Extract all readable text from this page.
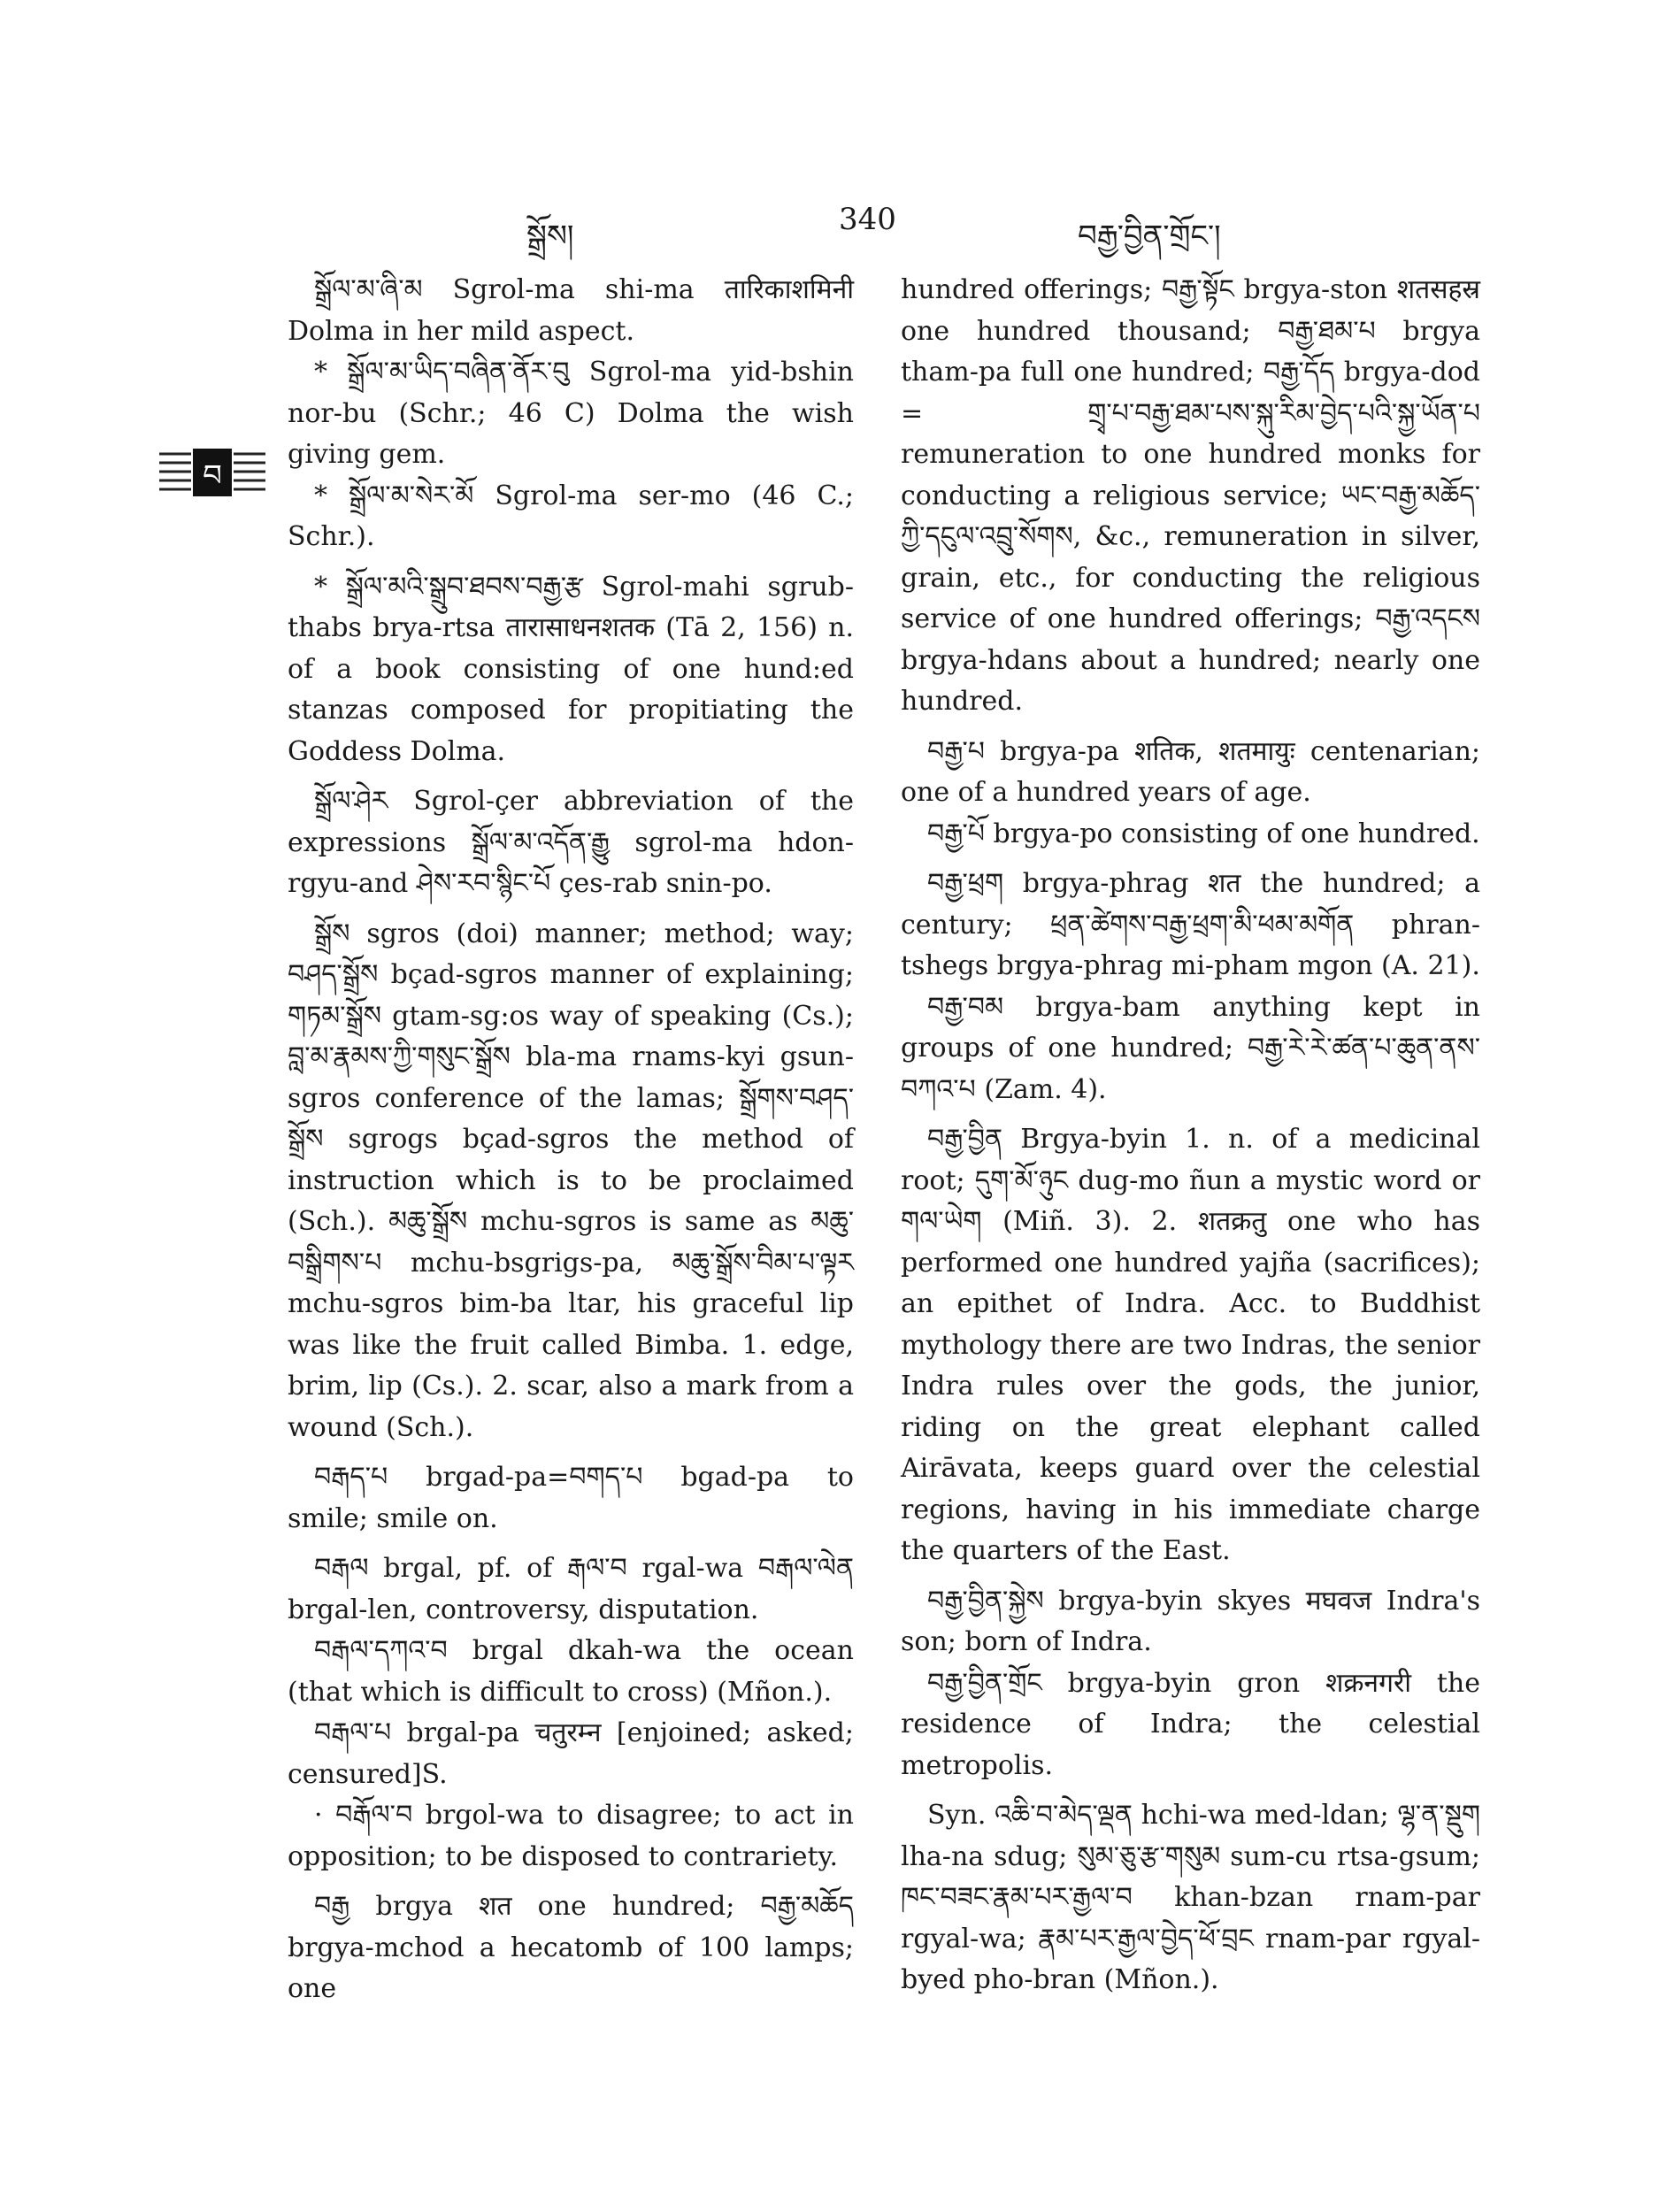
སྒྲོས།	340	བརྒྱ་བྱིན་གྲོང་།
བ

སྒྲོལ་མ་ཞི་མ Sgrol-ma shi-ma तारिकाशमिनी Dolma in her mild aspect.

* སྒྲོལ་མ་ཡིད་བཞིན་ནོར་བུ Sgrol-ma yid-bshin nor-bu (Schr.; 46 C) Dolma the wish giving gem.

* སྒྲོལ་མ་སེར་མོ Sgrol-ma ser-mo (46 C.; Schr.).

* སྒྲོལ་མའི་སྒྲུབ་ཐབས་བརྒྱ་རྩ Sgrol-mahi sgrub-thabs brya-rtsa तारासाधनशतक (Tā 2, 156) n. of a book consisting of one hund:ed stanzas composed for propitiating the Goddess Dolma.

སྒྲོལ་ཤེར Sgrol-çer abbreviation of the expressions སྒྲོལ་མ་འདོན་རྒྱུ sgrol-ma hdon-rgyu-and ཤེས་རབ་སྙིང་པོ çes-rab snin-po.

སྒྲོས sgros (doi) manner; method; way; བཤད་སྒྲོས bçad-sgros manner of explaining; གཏམ་སྒྲོས gtam-sg:os way of speaking (Cs.); བླ་མ་རྣམས་ཀྱི་གསུང་སྒྲོས bla-ma rnams-kyi gsun-sgros conference of the lamas; སྒྲོགས་བཤད་སྒྲོས sgrogs bçad-sgros the method of instruction which is to be proclaimed (Sch.). མཆུ་སྒྲོས mchu-sgros is same as མཆུ་བསྒྲིགས་པ mchu-bsgrigs-pa, མཆུ་སྒྲོས་བིམ་པ་ལྟར mchu-sgros bim-ba ltar, his graceful lip was like the fruit called Bimba. 1. edge, brim, lip (Cs.). 2. scar, also a mark from a wound (Sch.).

བརྒད་པ brgad-pa=བགད་པ bgad-pa to smile; smile on.

བརྒལ brgal, pf. of རྒལ་བ rgal-wa བརྒལ་ལེན brgal-len, controversy, disputation.

བརྒལ་དཀའ་བ brgal dkah-wa the ocean (that which is difficult to cross) (Mñon.).

བརྒལ་པ brgal-pa चतुरम्न [enjoined; asked; censured]S.

· བརྒོལ་བ brgol-wa to disagree; to act in opposition; to be disposed to contrariety.

བརྒྱ brgya शत one hundred; བརྒྱ་མཆོད brgya-mchod a hecatomb of 100 lamps; one

hundred offerings; བརྒྱ་སྟོང brgya-ston शतसहस्र one hundred thousand; བརྒྱ་ཐམ་པ brgya tham-pa full one hundred; བརྒྱ་དོད brgya-dod = གྲྭ་པ་བརྒྱ་ཐམ་པས་སྐུ་རིམ་བྱེད་པའི་སྐྱ་ཡོན་པ remuneration to one hundred monks for conducting a religious service; ཡང་བརྒྱ་མཆོད་ཀྱི་དངུལ་འབྲུ་སོགས, &c., remuneration in silver, grain, etc., for conducting the religious service of one hundred offerings; བརྒྱ་འདངས brgya-hdans about a hundred; nearly one hundred.

བརྒྱ་པ brgya-pa शतिक, शतमायुः centenarian; one of a hundred years of age.

བརྒྱ་པོ brgya-po consisting of one hundred.

བརྒྱ་ཕྲག brgya-phrag शत the hundred; a century; ཕྲན་ཚེགས་བརྒྱ་ཕྲག་མི་ཕམ་མགོན phran-tshegs brgya-phrag mi-pham mgon (A. 21).

བརྒྱ་བམ brgya-bam anything kept in groups of one hundred; བརྒྱ་རེ་རེ་ཚན་པ་ཆུན་ནས་བཀའ་པ (Zam. 4).

བརྒྱ་བྱིན Brgya-byin 1. n. of a medicinal root; དུག་མོ་ཉུང dug-mo ñun a mystic word or གལ་ཡེག (Miñ. 3). 2. शतक्रतु one who has performed one hundred yajña (sacrifices); an epithet of Indra. Acc. to Buddhist mythology there are two Indras, the senior Indra rules over the gods, the junior, riding on the great elephant called Airāvata, keeps guard over the celestial regions, having in his immediate charge the quarters of the East.

བརྒྱ་བྱིན་སྐྱེས brgya-byin skyes मघवज Indra's son; born of Indra.

བརྒྱ་བྱིན་གྲོང brgya-byin gron शक्रनगरी the residence of Indra; the celestial metropolis.

Syn. འཆི་བ་མེད་ལྡན hchi-wa med-ldan; ལྷ་ན་སྡུག lha-na sdug; སུམ་ཅུ་རྩ་གསུམ sum-cu rtsa-gsum; ཁང་བཟང་རྣམ་པར་རྒྱལ་བ khan-bzan rnam-par rgyal-wa; རྣམ་པར་རྒྱལ་བྱེད་ཕོ་བྲང rnam-par rgyal-byed pho-bran (Mñon.).
